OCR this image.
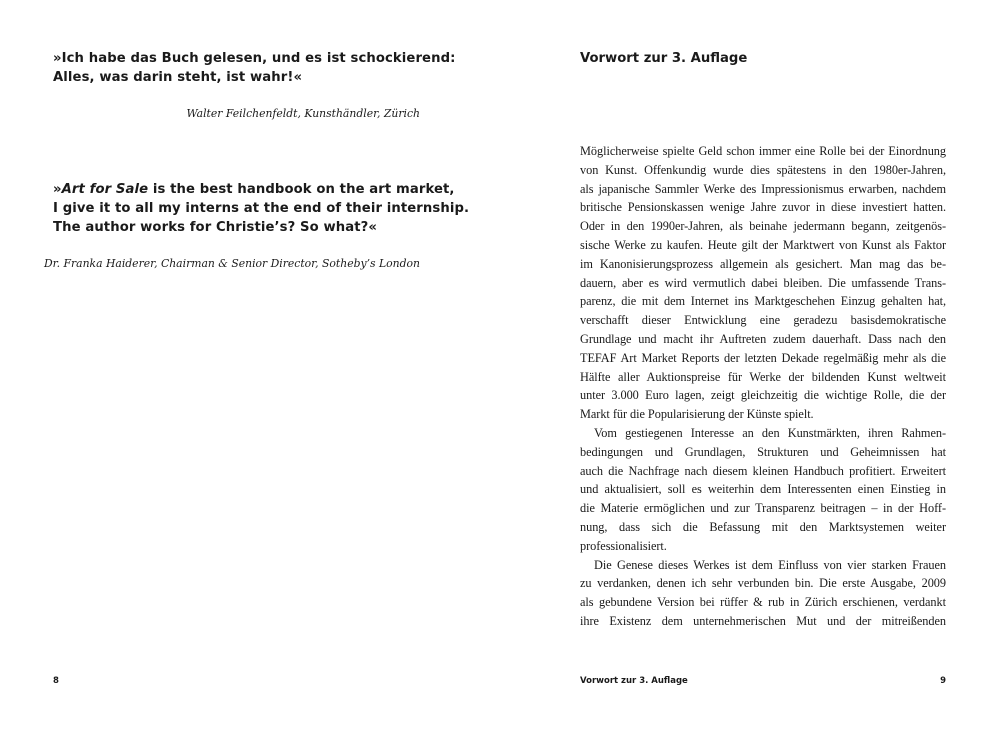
»Ich habe das Buch gelesen, und es ist schockierend:
Alles, was darin steht, ist wahr!«
Walter Feilchenfeldt, Kunsthändler, Zürich
»Art for Sale is the best handbook on the art market,
I give it to all my interns at the end of their internship.
The author works for Christie’s? So what?«
Dr. Franka Haiderer, Chairman & Senior Director, Sotheby’s London
8
Vorwort zur 3. Auflage
Möglicherweise spielte Geld schon immer eine Rolle bei der Einordnung
von Kunst. Offenkundig wurde dies spätestens in den 1980er-Jahren,
als japanische Sammler Werke des Impressionismus erwarben, nachdem
britische Pensionskassen wenige Jahre zuvor in diese investiert hatten.
Oder in den 1990er-Jahren, als beinahe jedermann begann, zeitgenös-
sische Werke zu kaufen. Heute gilt der Marktwert von Kunst als Faktor
im Kanonisierungsprozess allgemein als gesichert. Man mag das be-
dauern, aber es wird vermutlich dabei bleiben. Die umfassende Trans-
parenz, die mit dem Internet ins Marktgeschehen Einzug gehalten hat,
verschafft dieser Entwicklung eine geradezu basisdemokratische
Grundlage und macht ihr Auftreten zudem dauerhaft. Dass nach den
TEFAF Art Market Reports der letzten Dekade regelmäßig mehr als die
Hälfte aller Auktionspreise für Werke der bildenden Kunst weltweit
unter 3.000 Euro lagen, zeigt gleichzeitig die wichtige Rolle, die der
Markt für die Popularisierung der Künste spielt.
Vom gestiegenen Interesse an den Kunstmärkten, ihren Rahmen-
bedingungen und Grundlagen, Strukturen und Geheimnissen hat
auch die Nachfrage nach diesem kleinen Handbuch profitiert. Erweitert
und aktualisiert, soll es weiterhin dem Interessenten einen Einstieg in
die Materie ermöglichen und zur Transparenz beitragen – in der Hoff-
nung, dass sich die Befassung mit den Marktsystemen weiter
professionalisiert.
Die Genese dieses Werkes ist dem Einfluss von vier starken Frauen
zu verdanken, denen ich sehr verbunden bin. Die erste Ausgabe, 2009
als gebundene Version bei rüffer & rub in Zürich erschienen, verdankt
ihre Existenz dem unternehmerischen Mut und der mitreißenden
Vorwort zur 3. Auflage	9
